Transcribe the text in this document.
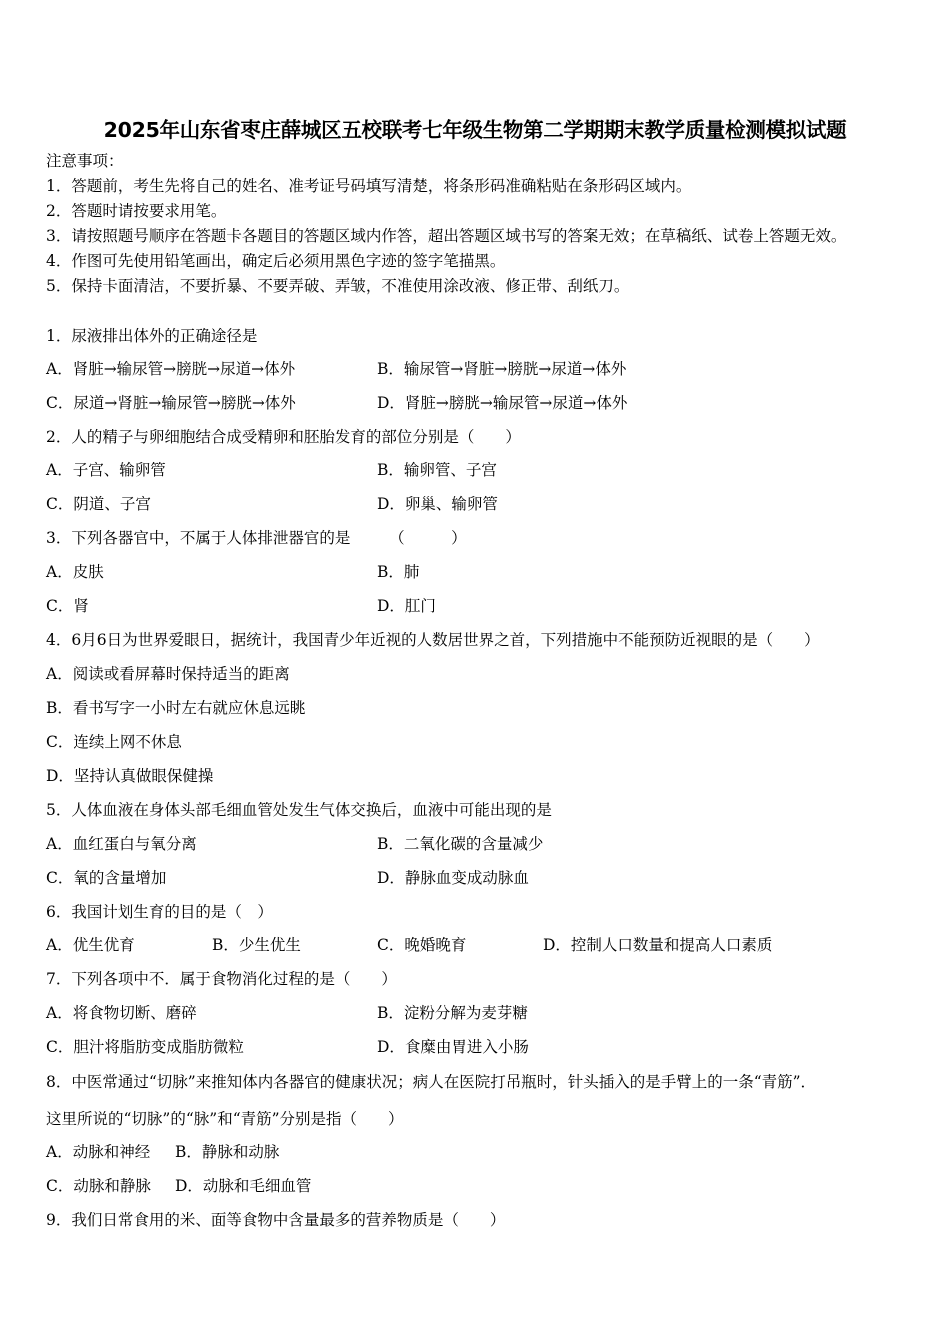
2025年山东省枣庄薛城区五校联考七年级生物第二学期期末教学质量检测模拟试题
注意事项：
1．答题前，考生先将自己的姓名、准考证号码填写清楚，将条形码准确粘贴在条形码区域内。
2．答题时请按要求用笔。
3．请按照题号顺序在答题卡各题目的答题区域内作答，超出答题区域书写的答案无效；在草稿纸、试卷上答题无效。
4．作图可先使用铅笔画出，确定后必须用黑色字迹的签字笔描黑。
5．保持卡面清洁，不要折暴、不要弄破、弄皱，不准使用涂改液、修正带、刮纸刀。
1．尿液排出体外的正确途径是
A．肾脏→输尿管→膀胱→尿道→体外	B．输尿管→肾脏→膀胱→尿道→体外
C．尿道→肾脏→输尿管→膀胱→体外	D．肾脏→膀胱→输尿管→尿道→体外
2．人的精子与卵细胞结合成受精卵和胚胎发育的部位分别是（　　）
A．子宫、输卵管	B．输卵管、子宫
C．阴道、子宫	D．卵巢、输卵管
3．下列各器官中，不属于人体排泄器官的是　　　（　　　）
A．皮肤	B．肺
C．肾	D．肛门
4．6月6日为世界爱眼日，据统计，我国青少年近视的人数居世界之首，下列措施中不能预防近视眼的是（　　）
A．阅读或看屏幕时保持适当的距离
B．看书写字一小时左右就应休息远眺
C．连续上网不休息
D．坚持认真做眼保健操
5．人体血液在身体头部毛细血管处发生气体交换后，血液中可能出现的是
A．血红蛋白与氧分离	B．二氧化碳的含量减少
C．氧的含量增加	D．静脉血变成动脉血
6．我国计划生育的目的是（　）
A．优生优育	B．少生优生	C．晚婚晚育	D．控制人口数量和提高人口素质
7．下列各项中不．属于食物消化过程的是（　　）
A．将食物切断、磨碎	B．淀粉分解为麦芽糖
C．胆汁将脂肪变成脂肪微粒	D．食糜由胃进入小肠
8．中医常通过“切脉”来推知体内各器官的健康状况；病人在医院打吊瓶时，针头插入的是手臂上的一条“青筋”．
这里所说的“切脉”的“脉”和“青筋”分别是指（　　）
A．动脉和神经 B．静脉和动脉
C．动脉和静脉 D．动脉和毛细血管
9．我们日常食用的米、面等食物中含量最多的营养物质是（　　）
